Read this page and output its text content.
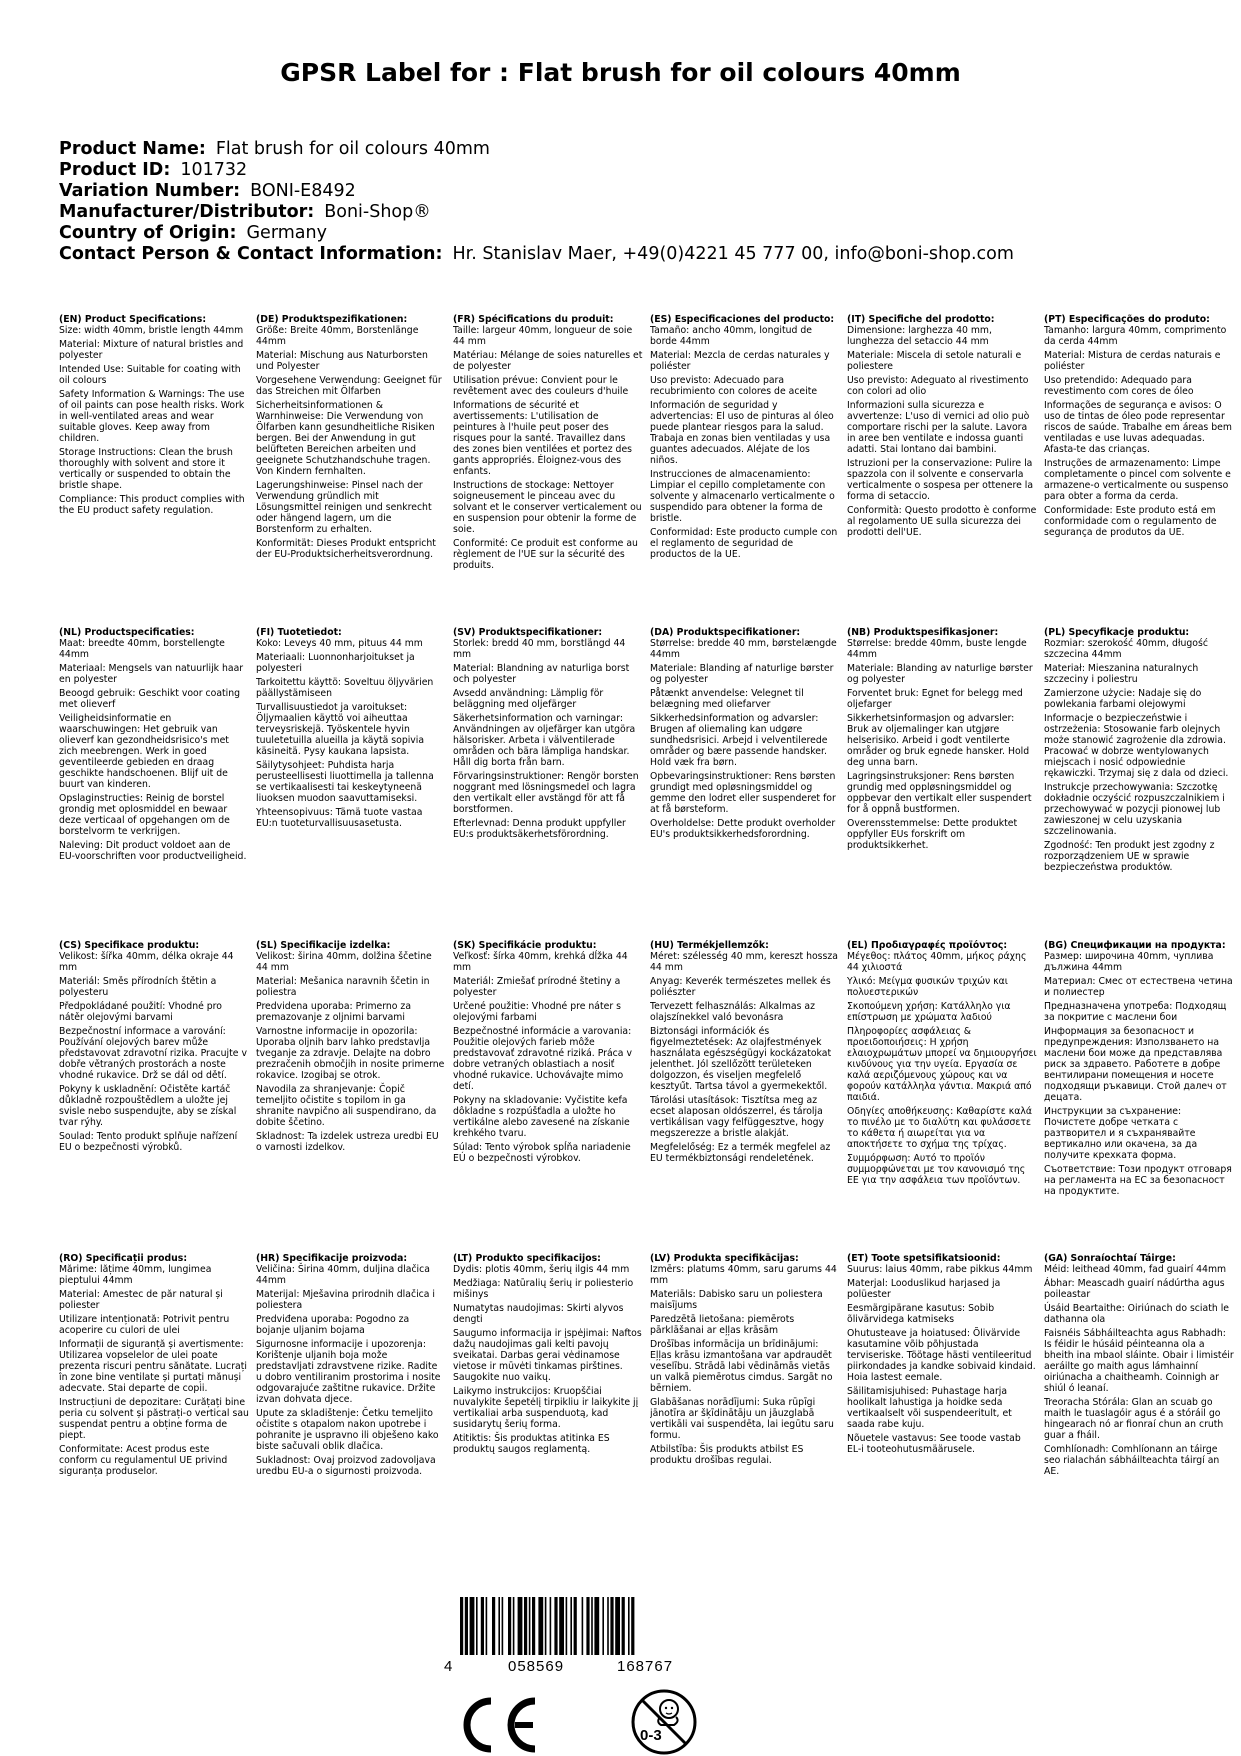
GPSR Label for : Flat brush for oil colours 40mm
Product Name: Flat brush for oil colours 40mm
Product ID: 101732
Variation Number: BONI-E8492
Manufacturer/Distributor: Boni-Shop®
Country of Origin: Germany
Contact Person & Contact Information: Hr. Stanislav Maer, +49(0)4221 45 777 00, info@boni-shop.com
(EN) Product Specifications:

Size: width 40mm, bristle length 44mm

Material: Mixture of natural bristles and polyester

Intended Use: Suitable for coating with oil colours

Safety Information & Warnings: The use of oil paints can pose health risks. Work in well-ventilated areas and wear suitable gloves. Keep away from children.

Storage Instructions: Clean the brush thoroughly with solvent and store it vertically or suspended to obtain the bristle shape.

Compliance: This product complies with the EU product safety regulation.

(DE) Produktspezifikationen:

Größe: Breite 40mm, Borstenlänge 44mm

Material: Mischung aus Naturborsten und Polyester

Vorgesehene Verwendung: Geeignet für das Streichen mit Ölfarben

Sicherheitsinformationen & Warnhinweise: Die Verwendung von Ölfarben kann gesundheitliche Risiken bergen. Bei der Anwendung in gut belüfteten Bereichen arbeiten und geeignete Schutzhandschuhe tragen. Von Kindern fernhalten.

Lagerungshinweise: Pinsel nach der Verwendung gründlich mit Lösungsmittel reinigen und senkrecht oder hängend lagern, um die Borstenform zu erhalten.

Konformität: Dieses Produkt entspricht der EU-Produktsicherheitsverordnung.

(FR) Spécifications du produit:

Taille: largeur 40mm, longueur de soie 44 mm

Matériau: Mélange de soies naturelles et de polyester

Utilisation prévue: Convient pour le revêtement avec des couleurs d'huile

Informations de sécurité et avertissements: L'utilisation de peintures à l'huile peut poser des risques pour la santé. Travaillez dans des zones bien ventilées et portez des gants appropriés. Éloignez-vous des enfants.

Instructions de stockage: Nettoyer soigneusement le pinceau avec du solvant et le conserver verticalement ou en suspension pour obtenir la forme de soie.

Conformité: Ce produit est conforme au règlement de l'UE sur la sécurité des produits.

(ES) Especificaciones del producto:

Tamaño: ancho 40mm, longitud de borde 44mm

Material: Mezcla de cerdas naturales y poliéster

Uso previsto: Adecuado para recubrimiento con colores de aceite

Información de seguridad y advertencias: El uso de pinturas al óleo puede plantear riesgos para la salud. Trabaja en zonas bien ventiladas y usa guantes adecuados. Aléjate de los niños.

Instrucciones de almacenamiento: Limpiar el cepillo completamente con solvente y almacenarlo verticalmente o suspendido para obtener la forma de bristle.

Conformidad: Este producto cumple con el reglamento de seguridad de productos de la UE.

(IT) Specifiche del prodotto:

Dimensione: larghezza 40 mm, lunghezza del setaccio 44 mm

Materiale: Miscela di setole naturali e poliestere

Uso previsto: Adeguato al rivestimento con colori ad olio

Informazioni sulla sicurezza e avvertenze: L'uso di vernici ad olio può comportare rischi per la salute. Lavora in aree ben ventilate e indossa guanti adatti. Stai lontano dai bambini.

Istruzioni per la conservazione: Pulire la spazzola con il solvente e conservarla verticalmente o sospesa per ottenere la forma di setaccio.

Conformità: Questo prodotto è conforme al regolamento UE sulla sicurezza dei prodotti dell'UE.

(PT) Especificações do produto:

Tamanho: largura 40mm, comprimento da cerda 44mm

Material: Mistura de cerdas naturais e poliéster

Uso pretendido: Adequado para revestimento com cores de óleo

Informações de segurança e avisos: O uso de tintas de óleo pode representar riscos de saúde. Trabalhe em áreas bem ventiladas e use luvas adequadas. Afasta-te das crianças.

Instruções de armazenamento: Limpe completamente o pincel com solvente e armazene-o verticalmente ou suspenso para obter a forma da cerda.

Conformidade: Este produto está em conformidade com o regulamento de segurança de produtos da UE.

(NL) Productspecificaties:

Maat: breedte 40mm, borstellengte 44mm

Materiaal: Mengsels van natuurlijk haar en polyester

Beoogd gebruik: Geschikt voor coating met olieverf

Veiligheidsinformatie en waarschuwingen: Het gebruik van olieverf kan gezondheidsrisico's met zich meebrengen. Werk in goed geventileerde gebieden en draag geschikte handschoenen. Blijf uit de buurt van kinderen.

Opslaginstructies: Reinig de borstel grondig met oplosmiddel en bewaar deze verticaal of opgehangen om de borstelvorm te verkrijgen.

Naleving: Dit product voldoet aan de EU-voorschriften voor productveiligheid.

(FI) Tuotetiedot:

Koko: Leveys 40 mm, pituus 44 mm

Materiaali: Luonnonharjoitukset ja polyesteri

Tarkoitettu käyttö: Soveltuu öljyvärien päällystämiseen

Turvallisuustiedot ja varoitukset: Öljymaalien käyttö voi aiheuttaa terveysriskejä. Työskentele hyvin tuuletetuilla alueilla ja käytä sopivia käsineitä. Pysy kaukana lapsista.

Säilytysohjeet: Puhdista harja perusteellisesti liuottimella ja tallenna se vertikaalisesti tai keskeytyneenä liuoksen muodon saavuttamiseksi.

Yhteensopivuus: Tämä tuote vastaa EU:n tuoteturvallisuusasetusta.

(SV) Produktspecifikationer:

Storlek: bredd 40 mm, borstlängd 44 mm

Material: Blandning av naturliga borst och polyester

Avsedd användning: Lämplig för beläggning med oljefärger

Säkerhetsinformation och varningar: Användningen av oljefärger kan utgöra hälsorisker. Arbeta i välventilerade områden och bära lämpliga handskar. Håll dig borta från barn.

Förvaringsinstruktioner: Rengör borsten noggrant med lösningsmedel och lagra den vertikalt eller avstängd för att få borstformen.

Efterlevnad: Denna produkt uppfyller EU:s produktsäkerhetsförordning.

(DA) Produktspecifikationer:

Størrelse: bredde 40 mm, børstelængde 44mm

Materiale: Blanding af naturlige børster og polyester

Påtænkt anvendelse: Velegnet til belægning med oliefarver

Sikkerhedsinformation og advarsler: Brugen af oliemaling kan udgøre sundhedsrisici. Arbejd i velventilerede områder og bære passende handsker. Hold væk fra børn.

Opbevaringsinstruktioner: Rens børsten grundigt med opløsningsmiddel og gemme den lodret eller suspenderet for at få børsteform.

Overholdelse: Dette produkt overholder EU's produktsikkerhedsforordning.

(NB) Produktspesifikasjoner:

Størrelse: bredde 40mm, buste lengde 44mm

Materiale: Blanding av naturlige børster og polyester

Forventet bruk: Egnet for belegg med oljefarger

Sikkerhetsinformasjon og advarsler: Bruk av oljemalinger kan utgjøre helserisiko. Arbeid i godt ventilerte områder og bruk egnede hansker. Hold deg unna barn.

Lagringsinstruksjoner: Rens børsten grundig med oppløsningsmiddel og oppbevar den vertikalt eller suspendert for å oppnå bustformen.

Overensstemmelse: Dette produktet oppfyller EUs forskrift om produktsikkerhet.

(PL) Specyfikacje produktu:

Rozmiar: szerokość 40mm, długość szczecina 44mm

Materiał: Mieszanina naturalnych szczeciny i poliestru

Zamierzone użycie: Nadaje się do powlekania farbami olejowymi

Informacje o bezpieczeństwie i ostrzeżenia: Stosowanie farb olejnych może stanowić zagrożenie dla zdrowia. Pracować w dobrze wentylowanych miejscach i nosić odpowiednie rękawiczki. Trzymaj się z dala od dzieci.

Instrukcje przechowywania: Szczotkę dokładnie oczyścić rozpuszczalnikiem i przechowywać w pozycji pionowej lub zawieszonej w celu uzyskania szczelinowania.

Zgodność: Ten produkt jest zgodny z rozporządzeniem UE w sprawie bezpieczeństwa produktów.

(CS) Specifikace produktu:

Velikost: šířka 40mm, délka okraje 44 mm

Materiál: Směs přírodních štětin a polyesteru

Předpokládané použití: Vhodné pro nátěr olejovými barvami

Bezpečnostní informace a varování: Používání olejových barev může představovat zdravotní rizika. Pracujte v dobře větraných prostorách a noste vhodné rukavice. Drž se dál od dětí.

Pokyny k uskladnění: Očistěte kartáč důkladně rozpouštědlem a uložte jej svisle nebo suspendujte, aby se získal tvar rýhy.

Soulad: Tento produkt splňuje nařízení EU o bezpečnosti výrobků.

(SL) Specifikacije izdelka:

Velikost: širina 40mm, dolžina ščetine 44 mm

Material: Mešanica naravnih ščetin in poliestra

Predvidena uporaba: Primerno za premazovanje z oljnimi barvami

Varnostne informacije in opozorila: Uporaba oljnih barv lahko predstavlja tveganje za zdravje. Delajte na dobro prezračenih območjih in nosite primerne rokavice. Izogibaj se otrok.

Navodila za shranjevanje: Čopič temeljito očistite s topilom in ga shranite navpično ali suspendirano, da dobite ščetino.

Skladnost: Ta izdelek ustreza uredbi EU o varnosti izdelkov.

(SK) Špecifikácie produktu:

Veľkosť: šírka 40mm, krehká dĺžka 44 mm

Materiál: Zmiešať prírodné štetiny a polyester

Určené použitie: Vhodné pre náter s olejovými farbami

Bezpečnostné informácie a varovania: Použitie olejových farieb môže predstavovať zdravotné riziká. Práca v dobre vetraných oblastiach a nosiť vhodné rukavice. Uchovávajte mimo detí.

Pokyny na skladovanie: Vyčistite kefa dôkladne s rozpúšťadla a uložte ho vertikálne alebo zavesené na získanie krehkého tvaru.

Súlad: Tento výrobok spĺňa nariadenie EÚ o bezpečnosti výrobkov.

(HU) Termékjellemzők:

Méret: szélesség 40 mm, kereszt hossza 44 mm

Anyag: Keverék természetes mellek és poliészter

Tervezett felhasználás: Alkalmas az olajszínekkel való bevonásra

Biztonsági információk és figyelmeztetések: Az olajfestmények használata egészségügyi kockázatokat jelenthet. Jól szellőzött területeken dolgozzon, és viseljen megfelelő kesztyűt. Tartsa távol a gyermekektől.

Tárolási utasítások: Tisztítsa meg az ecset alaposan oldószerrel, és tárolja vertikálisan vagy felfüggesztve, hogy megszerezze a bristle alakját.

Megfelelőség: Ez a termék megfelel az EU termékbiztonsági rendeletének.

(EL) Προδιαγραφές προϊόντος:

Μέγεθος: πλάτος 40mm, μήκος ράχης 44 χιλιοστά

Υλικό: Μείγμα φυσικών τριχών και πολυεστερικών

Σκοπούμενη χρήση: Κατάλληλο για επίστρωση με χρώματα λαδιού

Πληροφορίες ασφάλειας & προειδοποιήσεις: Η χρήση ελαιοχρωμάτων μπορεί να δημιουργήσει κινδύνους για την υγεία. Εργασία σε καλά αεριζόμενους χώρους και να φορούν κατάλληλα γάντια. Μακριά από παιδιά.

Οδηγίες αποθήκευσης: Καθαρίστε καλά το πινέλο με το διαλύτη και φυλάσσετε το κάθετα ή αιωρείται για να αποκτήσετε το σχήμα της τρίχας.

Συμμόρφωση: Αυτό το προϊόν συμμορφώνεται με τον κανονισμό της ΕΕ για την ασφάλεια των προϊόντων.

(BG) Спецификации на продукта:

Размер: широчина 40mm, чуплива дължина 44mm

Материал: Смес от естествена четина и полиестер

Предназначена употреба: Подходящ за покритие с маслени бои

Информация за безопасност и предупреждения: Използването на маслени бои може да представлява риск за здравето. Работете в добре вентилирани помещения и носете подходящи ръкавици. Стой далеч от децата.

Инструкции за съхранение: Почистете добре четката с разтворител и я съхранявайте вертикално или окачена, за да получите крехката форма.

Съответствие: Този продукт отговаря на регламента на ЕС за безопасност на продуктите.

(RO) Specificații produs:

Mărime: lățime 40mm, lungimea pieptului 44mm

Material: Amestec de păr natural și poliester

Utilizare intenționată: Potrivit pentru acoperire cu culori de ulei

Informații de siguranță și avertismente: Utilizarea vopselelor de ulei poate prezenta riscuri pentru sănătate. Lucrați în zone bine ventilate și purtați mănuși adecvate. Stai departe de copii.

Instrucțiuni de depozitare: Curățați bine peria cu solvent și păstrați-o vertical sau suspendat pentru a obține forma de piept.

Conformitate: Acest produs este conform cu regulamentul UE privind siguranța produselor.

(HR) Specifikacije proizvoda:

Veličina: Širina 40mm, duljina dlačica 44mm

Materijal: Mješavina prirodnih dlačica i poliestera

Predviđena uporaba: Pogodno za bojanje uljanim bojama

Sigurnosne informacije i upozorenja: Korištenje uljanih boja može predstavljati zdravstvene rizike. Radite u dobro ventiliranim prostorima i nosite odgovarajuće zaštitne rukavice. Držite izvan dohvata djece.

Upute za skladištenje: Četku temeljito očistite s otapalom nakon upotrebe i pohranite je uspravno ili obješeno kako biste sačuvali oblik dlačica.

Sukladnost: Ovaj proizvod zadovoljava uredbu EU-a o sigurnosti proizvoda.

(LT) Produkto specifikacijos:

Dydis: plotis 40mm, šerių ilgis 44 mm

Medžiaga: Natūralių šerių ir poliesterio mišinys

Numatytas naudojimas: Skirti alyvos dengti

Saugumo informacija ir įspėjimai: Naftos dažų naudojimas gali kelti pavojų sveikatai. Darbas gerai vėdinamose vietose ir mūvėti tinkamas pirštines. Saugokite nuo vaikų.

Laikymo instrukcijos: Kruopščiai nuvalykite šepetėlį tirpikliu ir laikykite jį vertikaliai arba suspenduotą, kad susidarytų šerių forma.

Atitiktis: Šis produktas atitinka ES produktų saugos reglamentą.

(LV) Produkta specifikācijas:

Izmērs: platums 40mm, saru garums 44 mm

Materiāls: Dabisko saru un poliestera maisījums

Paredzētā lietošana: piemērots pārklāšanai ar eļļas krāsām

Drošības informācija un brīdinājumi: Eļļas krāsu izmantošana var apdraudēt veselību. Strādā labi vēdināmās vietās un valkā piemērotus cimdus. Sargāt no bērniem.

Glabāšanas norādījumi: Suka rūpīgi jānotīra ar šķīdinātāju un jāuzglabā vertikāli vai suspendēta, lai iegūtu saru formu.

Atbilstība: Šis produkts atbilst ES produktu drošības regulai.

(ET) Toote spetsifikatsioonid:

Suurus: laius 40mm, rabe pikkus 44mm

Materjal: Looduslikud harjased ja polüester

Eesmärgipärane kasutus: Sobib õlivärvidega katmiseks

Ohutusteave ja hoiatused: Õlivärvide kasutamine võib põhjustada terviseriske. Töötage hästi ventileeritud piirkondades ja kandke sobivaid kindaid. Hoia lastest eemale.

Säilitamisjuhised: Puhastage harja hoolikalt lahustiga ja hoidke seda vertikaalselt või suspendeeritult, et saada rabe kuju.

Nõuetele vastavus: See toode vastab EL-i tooteohutusmäärusele.

(GA) Sonraíochtaí Táirge:

Méid: leithead 40mm, fad guairí 44mm

Ábhar: Meascadh guairí nádúrtha agus poileastar

Úsáid Beartaithe: Oiriúnach do sciath le dathanna ola

Faisnéis Sábháilteachta agus Rabhadh: Is féidir le húsáid péinteanna ola a bheith ina mbaol sláinte. Obair i limistéir aeráilte go maith agus lámhainní oiriúnacha a chaitheamh. Coinnigh ar shiúl ó leanaí.

Treoracha Stórála: Glan an scuab go maith le tuaslagóir agus é a stóráil go hingearach nó ar fionraí chun an cruth guar a fháil.

Comhlíonadh: Comhlíonann an táirge seo rialachán sábháilteachta táirgí an AE.

4	058569	168767
0-3
